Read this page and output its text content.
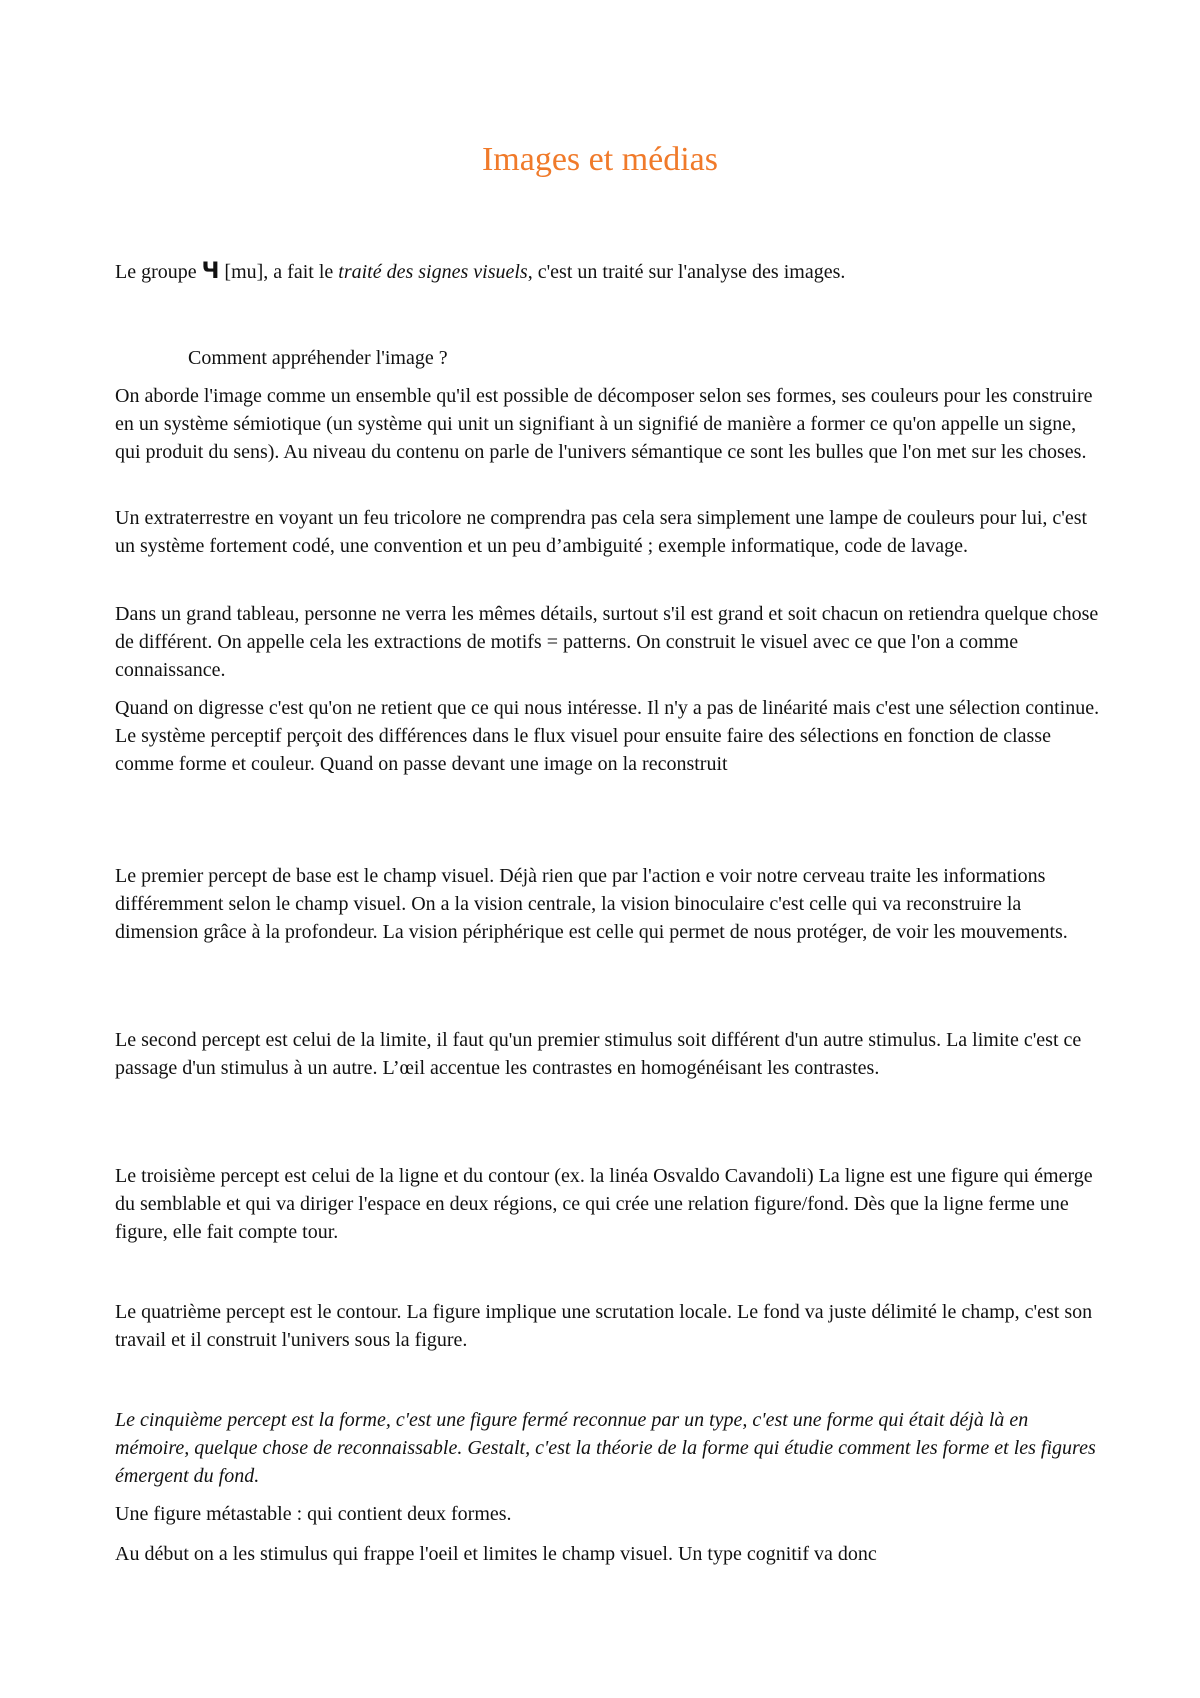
Images et médias

Le groupe Ɥ [mu], a fait le traité des signes visuels, c'est un traité sur l'analyse des images.

Comment appréhender l'image ?

On aborde l'image comme un ensemble qu'il est possible de décomposer selon ses formes, ses couleurs pour les construire en un système sémiotique (un système qui unit un signifiant à un signifié de manière a former ce qu'on appelle un signe, qui produit du sens). Au niveau du contenu on parle de l'univers sémantique ce sont les bulles que l'on met sur les choses.

Un extraterrestre en voyant un feu tricolore ne comprendra pas cela sera simplement une lampe de couleurs pour lui, c'est un système fortement codé, une convention et un peu d’ambiguité ; exemple informatique, code de lavage.

Dans un grand tableau, personne ne verra les mêmes détails, surtout s'il est grand et soit chacun on retiendra quelque chose de différent. On appelle cela les extractions de motifs = patterns. On construit le visuel avec ce que l'on a comme connaissance.

Quand on digresse c'est qu'on ne retient que ce qui nous intéresse. Il n'y a pas de linéarité mais c'est une sélection continue. Le système perceptif perçoit des différences dans le flux visuel pour ensuite faire des sélections en fonction de classe comme forme et couleur. Quand on passe devant une image on la reconstruit

Le premier percept de base est le champ visuel. Déjà rien que par l'action e voir notre cerveau traite les informations différemment selon le champ visuel. On a la vision centrale, la vision binoculaire c'est celle qui va reconstruire la dimension grâce à la profondeur. La vision périphérique est celle qui permet de nous protéger, de voir les mouvements.

Le second percept est celui de la limite, il faut qu'un premier stimulus soit différent d'un autre stimulus. La limite c'est ce passage d'un stimulus à un autre. L’œil accentue les contrastes en homogénéisant les contrastes.

Le troisième percept est celui de la ligne et du contour (ex. la linéa Osvaldo Cavandoli) La ligne est une figure qui émerge du semblable et qui va diriger l'espace en deux régions, ce qui crée une relation figure/fond. Dès que la ligne ferme une figure, elle fait compte tour.

Le quatrième percept est le contour. La figure implique une scrutation locale. Le fond va juste délimité le champ, c'est son travail et il construit l'univers sous la figure.

Le cinquième percept est la forme, c'est une figure fermé reconnue par un type, c'est une forme qui était déjà là en mémoire, quelque chose de reconnaissable. Gestalt, c'est la théorie de la forme qui étudie comment les forme et les figures émergent du fond.

Une figure métastable : qui contient deux formes.

Au début on a les stimulus qui frappe l'oeil et limites le champ visuel. Un type cognitif va donc
